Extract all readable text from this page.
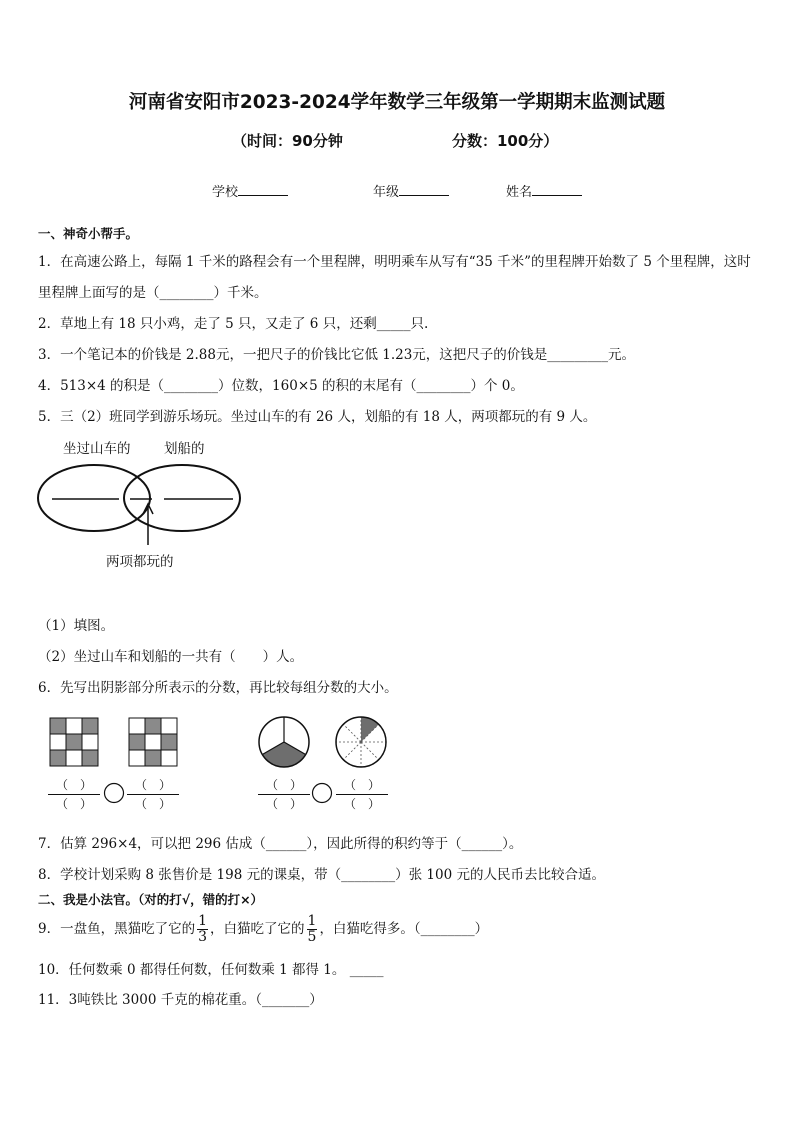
河南省安阳市2023-2024学年数学三年级第一学期期末监测试题
（时间：90分钟	分数：100分）
学校	年级	姓名
一、神奇小帮手。
1．在高速公路上，每隔 1 千米的路程会有一个里程牌，明明乘车从写有“35 千米”的里程牌开始数了 5 个里程牌，这时
里程牌上面写的是（________）千米。
2．草地上有 18 只小鸡，走了 5 只，又走了 6 只，还剩_____只.
3．一个笔记本的价钱是 2.88元，一把尺子的价钱比它低 1.23元，这把尺子的价钱是_________元。
4．513×4 的积是（________）位数，160×5 的积的末尾有（________）个 0。
5．三（2）班同学到游乐场玩。坐过山车的有 26 人，划船的有 18 人，两项都玩的有 9 人。
坐过山车的 划船的
两项都玩的
（1）填图。
（2）坐过山车和划船的一共有（　　）人。
6．先写出阴影部分所表示的分数，再比较每组分数的大小。
（　）
（　）
（　）
（　）
（　）
（　）
（　）
（　）
7．估算 296×4，可以把 296 估成（______），因此所得的积约等于（______）。
8．学校计划采购 8 张售价是 198 元的课桌，带（________）张 100 元的人民币去比较合适。
二、我是小法官。（对的打√，错的打×）
9．一盘鱼，黑猫吃了它的 $\frac{1}{3}$ ，白猫吃了它的 $\frac{1}{5}$ ，白猫吃得多。（________）
10．任何数乘 0 都得任何数，任何数乘 1 都得 1。 _____
11．3吨铁比 3000 千克的棉花重。（_______）
